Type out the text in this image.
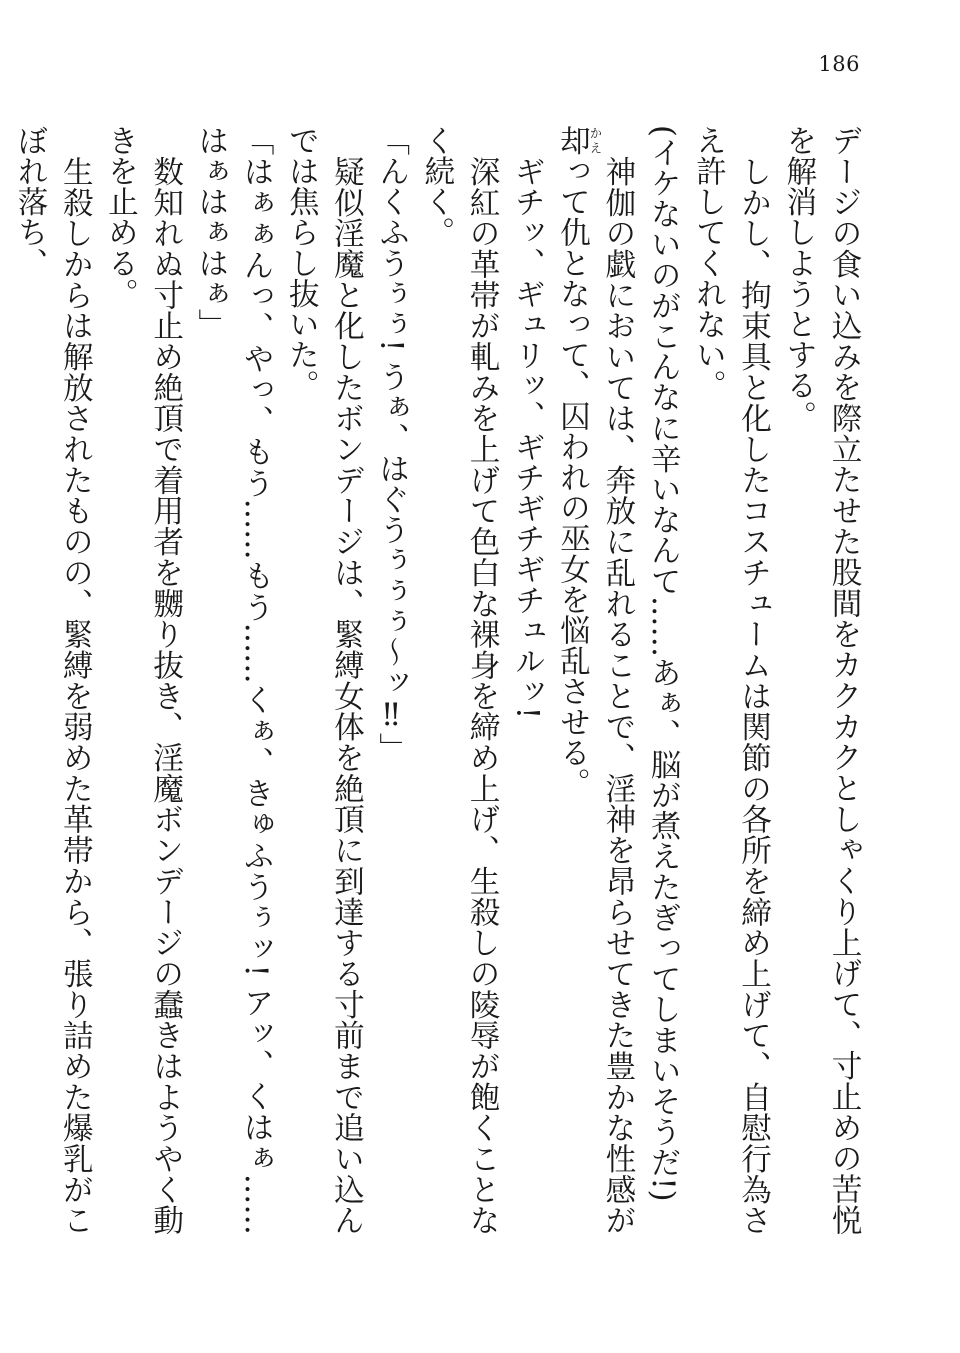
186

デージの食い込みを際立たせた股間をカクカクとしゃくり上げて、寸止めの苦悦を解消しようとする。

しかし、拘束具と化したコスチュームは関節の各所を締め上げて、自慰行為さえ許してくれない。

(イケないのがこんなに辛いなんて……あぁ、脳が煮えたぎってしまいそうだ!)

神伽の戯においては、奔放に乱れることで、淫神を昂らせてきた豊かな性感が却かえって仇となって、囚われの巫女を悩乱させる。

ギチッ、ギュリッ、ギチギチギチュルッ!

深紅の革帯が軋みを上げて色白な裸身を締め上げ、生殺しの陵辱が飽くことなく続く。

「んくふうぅぅ! うぁ、はぐうぅぅぅ〜ッ‼」

疑似淫魔と化したボンデージは、緊縛女体を絶頂に到達する寸前まで追い込んでは焦らし抜いた。

「はぁぁんっ、やっ、もう……もう……くぁ、きゅふうぅッ! アッ、くはぁ……はぁはぁはぁ」

数知れぬ寸止め絶頂で着用者を嬲り抜き、淫魔ボンデージの蠢きはようやく動きを止める。

生殺しからは解放されたものの、緊縛を弱めた革帯から、張り詰めた爆乳がこぼれ落ち、
